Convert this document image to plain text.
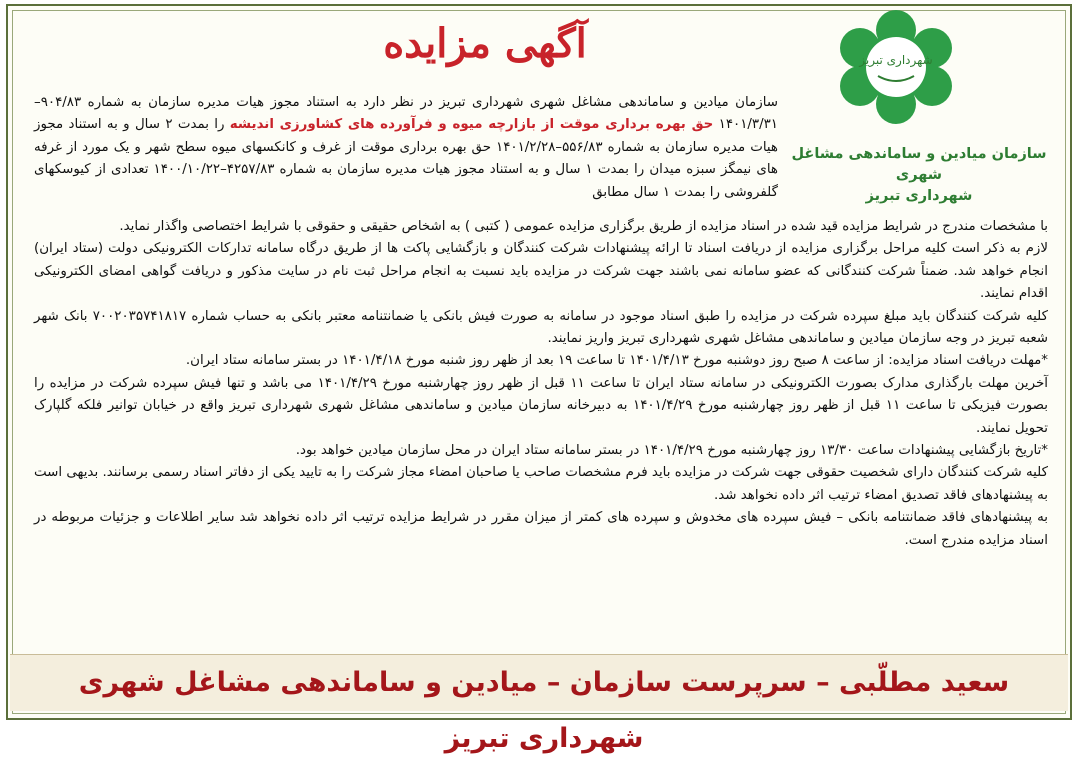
آگهی مزایده	شهرداری تبریز
سازمان میادین و ساماندهی مشاغل شهری
شهرداری تبریز
سازمان میادین و ساماندهی مشاغل شهری شهرداری تبریز در نظر دارد به استناد مجوز هیات مدیره سازمان به شماره ۹۰۴/۸۳–۱۴۰۱/۳/۳۱ حق بهره برداری موقت از بازارچه میوه و فرآورده های کشاورزی اندیشه را بمدت ۲ سال و به استناد مجوز هیات مدیره سازمان به شماره ۵۵۶/۸۳–۱۴۰۱/۲/۲۸ حق بهره برداری موقت از غرف و کانکسهای میوه سطح شهر و یک مورد از غرفه های نیمگز سبزه میدان را بمدت ۱ سال و به استناد مجوز هیات مدیره سازمان به شماره ۴۲۵۷/۸۳–۱۴۰۰/۱۰/۲۲ تعدادی از کیوسکهای گلفروشی را بمدت ۱ سال مطابق
با مشخصات مندرج در شرایط مزایده قید شده در اسناد مزایده از طریق برگزاری مزایده عمومی ( کتبی ) به اشخاص حقیقی و حقوقی با شرایط اختصاصی واگذار نماید.
لازم به ذکر است کلیه مراحل برگزاری مزایده از دریافت اسناد تا ارائه پیشنهادات شرکت کنندگان و بازگشایی پاکت ها از طریق درگاه سامانه تدارکات الکترونیکی دولت (ستاد ایران) انجام خواهد شد. ضمناً شرکت کنندگانی که عضو سامانه نمی باشند جهت شرکت در مزایده باید نسبت به انجام مراحل ثبت نام در سایت مذکور و دریافت گواهی امضای الکترونیکی اقدام نمایند.
کلیه شرکت کنندگان باید مبلغ سپرده شرکت در مزایده را طبق اسناد موجود در سامانه به صورت فیش بانکی یا ضمانتنامه معتبر بانکی به حساب شماره ۷۰۰۲۰۳۵۷۴۱۸۱۷ بانک شهر شعبه تبریز در وجه سازمان میادین و ساماندهی مشاغل شهری شهرداری تبریز واریز نمایند.
*مهلت دریافت اسناد مزایده: از ساعت ۸ صبح روز دوشنبه مورخ ۱۴۰۱/۴/۱۳ تا ساعت ۱۹ بعد از ظهر روز شنبه مورخ ۱۴۰۱/۴/۱۸ در بستر سامانه ستاد ایران.
آخرین مهلت بارگذاری مدارک بصورت الکترونیکی در سامانه ستاد ایران تا ساعت ۱۱ قبل از ظهر روز چهارشنبه مورخ ۱۴۰۱/۴/۲۹ می باشد و تنها فیش سپرده شرکت در مزایده را بصورت فیزیکی تا ساعت ۱۱ قبل از ظهر روز چهارشنبه مورخ ۱۴۰۱/۴/۲۹ به دبیرخانه سازمان میادین و ساماندهی مشاغل شهری شهرداری تبریز واقع در خیابان توانیر فلکه گلپارک تحویل نمایند.
*تاریخ بازگشایی پیشنهادات ساعت ۱۳/۳۰ روز چهارشنبه مورخ ۱۴۰۱/۴/۲۹ در بستر سامانه ستاد ایران در محل سازمان میادین خواهد بود.
کلیه شرکت کنندگان دارای شخصیت حقوقی جهت شرکت در مزایده باید فرم مشخصات صاحب یا صاحبان امضاء مجاز شرکت را به تایید یکی از دفاتر اسناد رسمی برسانند. بدیهی است به پیشنهادهای فاقد تصدیق امضاء ترتیب اثر داده نخواهد شد.
به پیشنهادهای فاقد ضمانتنامه بانکی – فیش سپرده های مخدوش و سپرده های کمتر از میزان مقرر در شرایط مزایده ترتیب اثر داده نخواهد شد سایر اطلاعات و جزئیات مربوطه در اسناد مزایده مندرج است.
سعید مطلّبی – سرپرست سازمان – میادین و ساماندهی مشاغل شهری شهرداری تبریز
